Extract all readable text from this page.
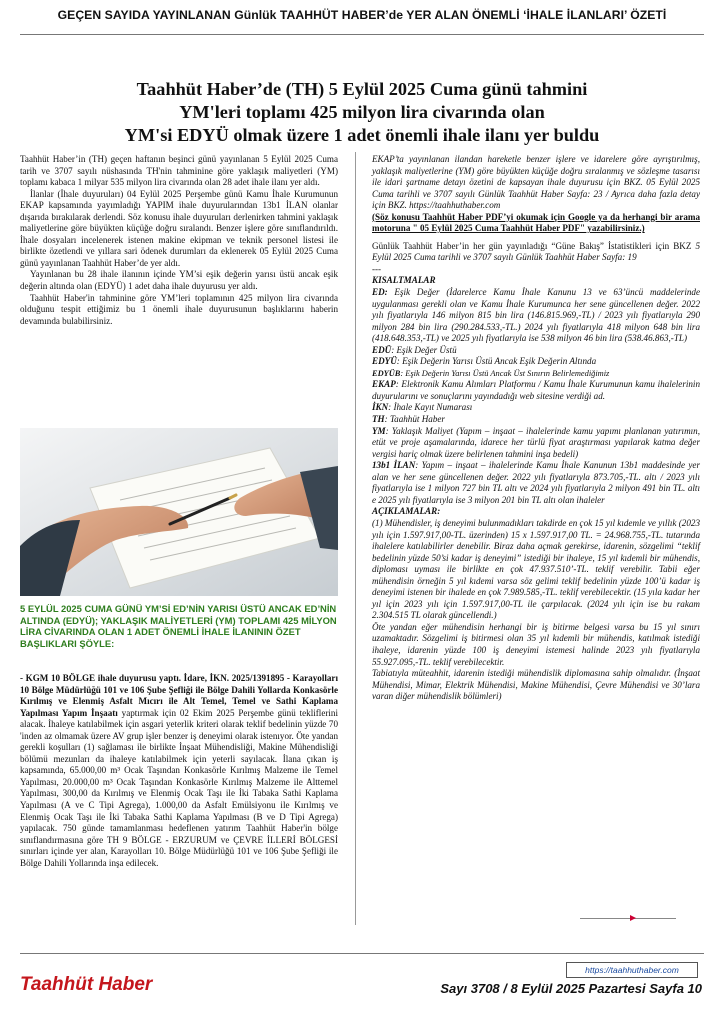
GEÇEN SAYIDA YAYINLANAN Günlük TAAHHÜT HABER’de YER ALAN ÖNEMLİ ‘İHALE İLANLARI’ ÖZETİ
Taahhüt Haber’de (TH) 5 Eylül 2025 Cuma günü tahmini
YM'leri toplamı 425 milyon lira civarında olan
YM'si EDYÜ olmak üzere 1 adet önemli ihale ilanı yer buldu

Taahhüt Haber’in (TH) geçen haftanın beşinci günü yayınlanan 5 Eylül 2025 Cuma tarih ve 3707 sayılı nüshasında TH'nin tahminine göre yaklaşık maliyetleri (YM) toplamı kabaca 1 milyar 535 milyon lira civarında olan 28 adet ihale ilanı yer aldı.

İlanlar (İhale duyuruları) 04 Eylül 2025 Perşembe günü Kamu İhale Kurumunun EKAP kapsamında yayımladığı YAPIM ihale duyurularından 13b1 İLAN olanlar dışarıda bırakılarak derlendi. Söz konusu ihale duyuruları derlenirken tahmini yaklaşık maliyetlerine göre büyükten küçüğe doğru sıralandı. Benzer işlere göre sınıflandırıldı. İhale dosyaları incelenerek istenen makine ekipman ve teknik personel listesi ile birlikte özetlendi ve yıllara sari ödenek durumları da eklenerek 05 Eylül 2025 Cuma günü yayınlanan Taahhüt Haber’de yer aldı.

Yayınlanan bu 28 ihale ilanının içinde YM’si eşik değerin yarısı üstü ancak eşik değerin altında olan (EDYÜ) 1 adet daha ihale duyurusu yer aldı.

Taahhüt Haber'in tahminine göre YM’leri toplamının 425 milyon lira civarında olduğunu tespit ettiğimiz bu 1 önemli ihale duyurusunun başlıklarını haberin devamında bulabilirsiniz.

5 EYLÜL 2025 CUMA GÜNÜ YM’Sİ ED’NİN YARISI ÜSTÜ ANCAK ED’NİN ALTINDA (EDYÜ); YAKLAŞIK MALİYETLERİ (YM) TOPLAMI 425 MİLYON LİRA CİVARINDA OLAN 1 ADET ÖNEMLİ İHALE İLANININ ÖZET BAŞLIKLARI ŞÖYLE:

- KGM 10 BÖLGE ihale duyurusu yaptı. İdare, İKN. 2025/1391895 - Karayolları 10 Bölge Müdürlüğü 101 ve 106 Şube Şefliği ile Bölge Dahili Yollarda Konkasörle Kırılmış ve Elenmiş Asfalt Mıcırı ile Alt Temel, Temel ve Sathi Kaplama Yapılması Yapım İnşaatı yaptırmak için 02 Ekim 2025 Perşembe günü tekliflerini alacak. İhaleye katılabilmek için asgari yeterlik kriteri olarak teklif bedelinin yüzde 70 'inden az olmamak üzere AV grup işler benzer iş deneyimi olarak istenıyor. Öte yandan gerekli koşulları (1) sağlaması ile birlikte İnşaat Mühendisliği, Makine Mühendisliği bölümü mezunları da ihaleye katılabilmek için yeterli sayılacak. İlana çıkan iş kapsamında, 65.000,00 m³ Ocak Taşından Konkasörle Kırılmış Malzeme ile Temel Yapılması, 20.000,00 m³ Ocak Taşından Konkasörle Kırılmış Malzeme ile Alttemel Yapılması, 300,00 da Kırılmış ve Elenmiş Ocak Taşı ile İki Tabaka Sathi Kaplama Yapılması (A ve C Tipi Agrega), 1.000,00 da Asfalt Emülsiyonu ile Kırılmış ve Elenmiş Ocak Taşı ile İki Tabaka Sathi Kaplama Yapılması (B ve D Tipi Agrega) yapılacak. 750 günde tamamlanması hedeflenen yatırım Taahhüt Haber'in bölge sınıflandırmasına göre TH 9 BÖLGE - ERZURUM ve ÇEVRE İLLERİ BÖLGESİ sınırları içinde yer alan, Karayolları 10. Bölge Müdürlüğü 101 ve 106 Şube Şefliği ile Bölge Dahili Yollarında inşa edilecek.

EKAP’ta yayınlanan ilandan hareketle benzer işlere ve idarelere göre ayrıştırılmış, yaklaşık maliyetlerine (YM) göre büyükten küçüğe doğru sıralanmış ve sözleşme tasarısı ile idari şartname detayı özetini de kapsayan ihale duyurusu için BKZ. 05 Eylül 2025 Cuma tarihli ve 3707 sayılı Günlük Taahhüt Haber Sayfa: 23 / Ayrıca daha fazla detay için BKZ. https://taahhuthaber.com

(Söz konusu Taahhüt Haber PDF’yi okumak için Google ya da herhangi bir arama motoruna " 05 Eylül 2025 Cuma Taahhüt Haber PDF" yazabilirsiniz.)

Günlük Taahhüt Haber’in her gün yayınladığı “Güne Bakış” İstatistikleri için BKZ 5 Eylül 2025 Cuma tarihli ve 3707 sayılı Günlük Taahhüt Haber Sayfa: 19

---

KISALTMALAR

ED: Eşik Değer (İdarelerce Kamu İhale Kanunu 13 ve 63’üncü maddelerinde uygulanması gerekli olan ve Kamu İhale Kurumunca her sene güncellenen değer. 2022 yılı fiyatlarıyla 146 milyon 815 bin lira (146.815.969,-TL) / 2023 yılı fiyatlarıyla 290 milyon 284 bin lira (290.284.533,-TL.) 2024 yılı fiyatlarıyla 418 milyon 648 bin lira (418.648.353,-TL) ve 2025 yılı fiyatlarıyla ise 538 milyon 46 bin lira (538.46.863,-TL)

EDÜ: Eşik Değer Üstü

EDYÜ: Eşik Değerin Yarısı Üstü Ancak Eşik Değerin Altında

EDYÜB: Eşik Değerin Yarısı Üstü Ancak Üst Sınırın Belirlemediğimiz

EKAP: Elektronik Kamu Alımları Platformu / Kamu İhale Kurumunun kamu ihalelerinin duyurularını ve sonuçlarını yayındadığı web sitesine verdiği ad.

İKN: İhale Kayıt Numarası

TH: Taahhüt Haber

YM: Yaklaşık Maliyet (Yapım – inşaat – ihalelerinde kamu yapımı planlanan yatırımın, etüt ve proje aşamalarında, idarece her türlü fiyat araştırması yapılarak katma değer vergisi hariç olmak üzere belirlenen tahmini inşa bedeli)

13b1 İLAN: Yapım – inşaat – ihalelerinde Kamu İhale Kanunun 13b1 maddesinde yer alan ve her sene güncellenen değer. 2022 yılı fiyatlarıyla 873.705,-TL. altı / 2023 yılı fiyatlarıyla ise 1 milyon 727 bin TL altı ve 2024 yılı fiyatlarıyla 2 milyon 491 bin TL. altı e 2025 yılı fiyatlarıyla ise 3 milyon 201 bin TL altı olan ihaleler

AÇIKLAMALAR:

(1) Mühendisler, iş deneyimi bulunmadıkları takdirde en çok 15 yıl kıdemle ve yıllık (2023 yılı için 1.597.917,00-TL. üzerinden) 15 x 1.597.917,00 TL. = 24.968.755,-TL. tutarında ihalelere katılabilirler denebilir. Biraz daha açmak gerekirse, idarenin, sözgelimi “teklif bedelinin yüzde 50’si kadar iş deneyimi” istediği bir ihaleye, 15 yıl kıdemli bir mühendis, diploması uyması ile birlikte en çok 47.937.510’-TL. teklif verebilir. Tabii eğer mühendisin örneğin 5 yıl kıdemi varsa söz gelimi teklif bedelinin yüzde 100’ü kadar iş deneyimi istenen bir ihalede en çok 7.989.585,-TL. teklif verebilecektir. (15 yıla kadar her yıl için 2023 yılı için 1.597.917,00-TL ile çarpılacak. (2024 yılı için ise bu rakam 2.304.515 TL olarak güncellendi.)

Öte yandan eğer mühendisin herhangi bir iş bitirme belgesi varsa bu 15 yıl sınırı uzamaktadır. Sözgelimi iş bitirmesi olan 35 yıl kıdemli bir mühendis, katılmak istediği ihaleye, idarenin yüzde 100 iş deneyimi istemesi halinde 2023 yılı fiyatlarıyla 55.927.095,-TL. teklif verebilecektir.

Tabiatıyla müteahhit, idarenin istediği mühendislik diplomasına sahip olmalıdır. (İnşaat Mühendisi, Mimar, Elektrik Mühendisi, Makine Mühendisi, Çevre Mühendisi ve 30’lara varan diğer mühendislik bölümleri)

https://taahhuthaber.com
Taahhüt Haber	Sayı 3708 / 8 Eylül 2025 Pazartesi Sayfa 10
